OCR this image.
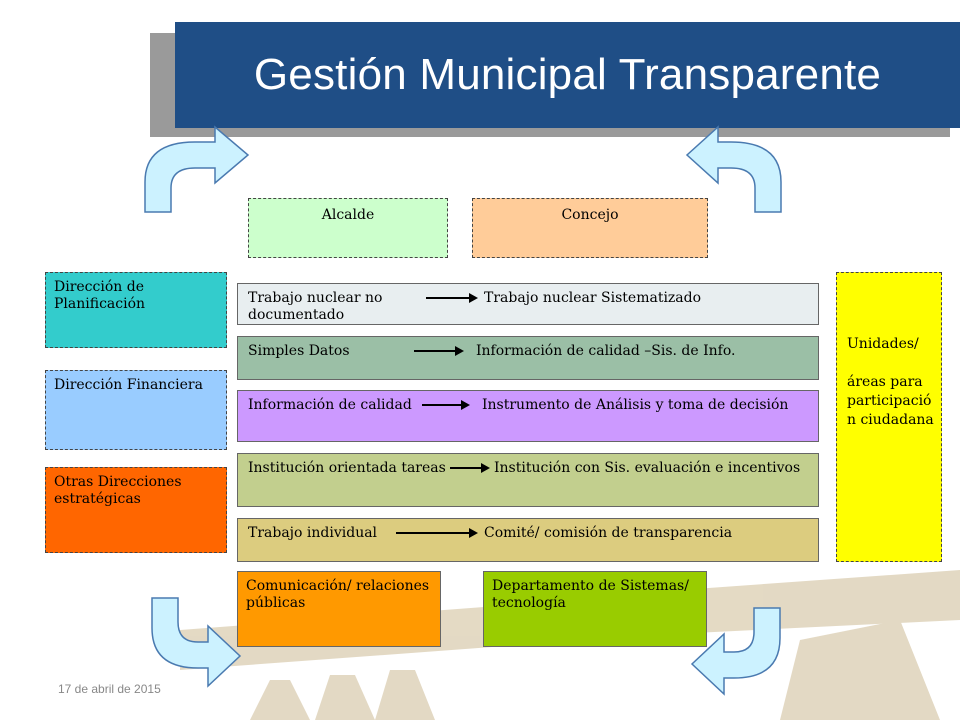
Gestión Municipal Transparente
Alcalde	Concejo
Dirección de Planificación
Dirección Financiera
Otras Direcciones estratégicas
Unidades/
áreas para participació n ciudadana
Trabajo nuclear no documentado
Trabajo nuclear Sistematizado
Simples Datos	Información de calidad –Sis. de Info.
Información de calidad	Instrumento de Análisis y toma de decisión
Institución orientada tareas	Institución con Sis. evaluación e incentivos
Trabajo individual	Comité/ comisión de transparencia
Comunicación/ relaciones públicas
Departamento de Sistemas/ tecnología
17 de abril de 2015
